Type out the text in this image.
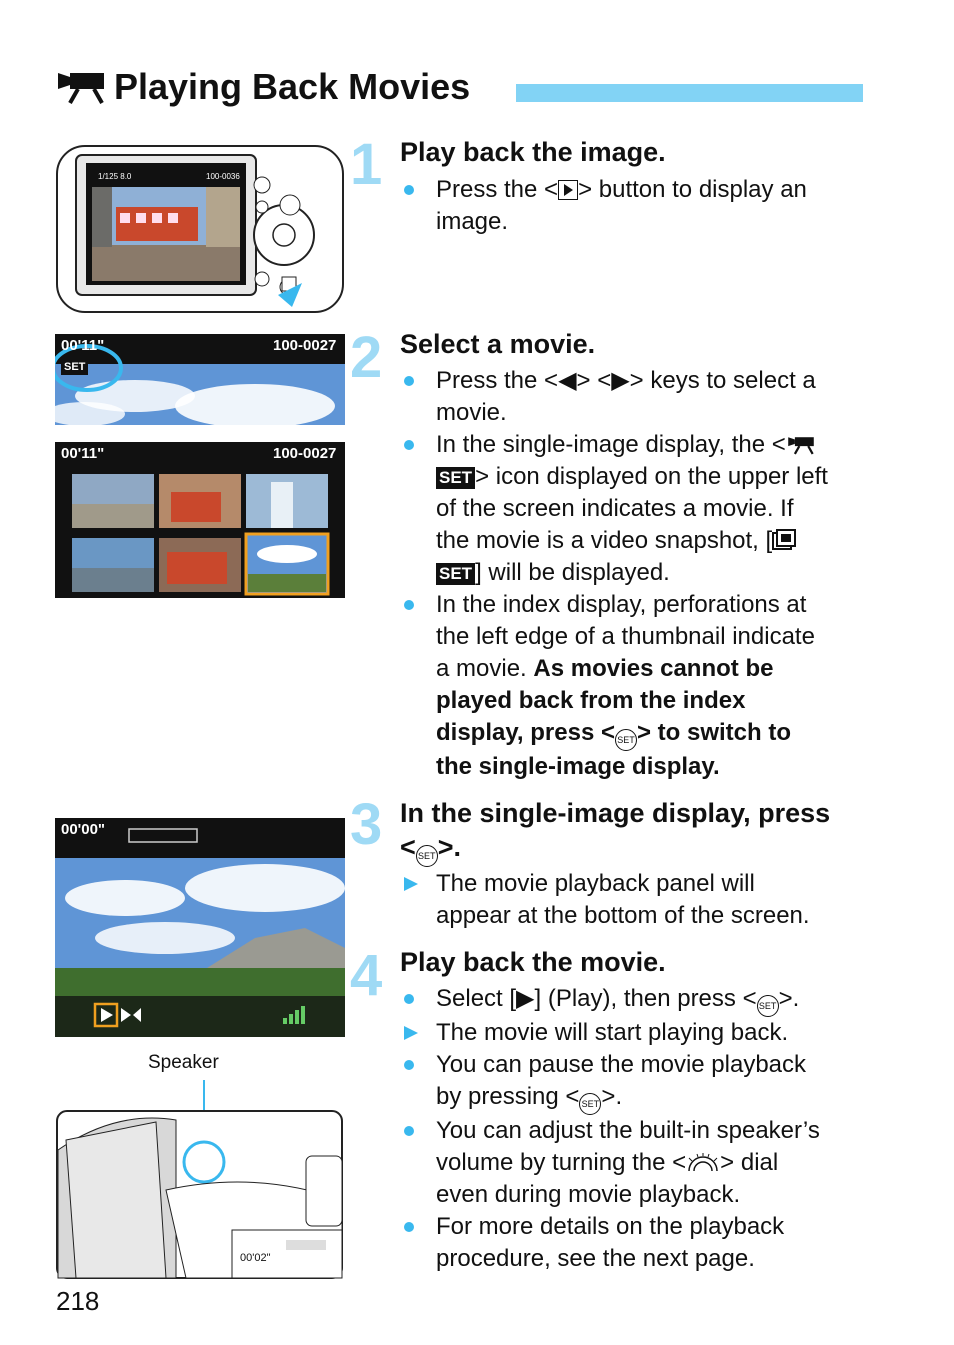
Playing Back Movies
1/125 8.0	100-0036
00'11"	100-0027
SET
00'11"	100-0027
00'00"
Speaker
00'02"
1
2
3
4
Play back the image.
Press the < > button to display an image.
Select a movie.
Press the <◀> <▶> keys to select a movie.
In the single-image display, the < SET > icon displayed on the upper left of the screen indicates a movie. If the movie is a video snapshot, [ SET ] will be displayed.
In the index display, perforations at the left edge of a thumbnail indicate a movie. As movies cannot be played back from the index display, press < SET> to switch to the single-image display.
In the single-image display, press
< SET>.
The movie playback panel will appear at the bottom of the screen.
Play back the movie.
Select [▶] (Play), then press < SET>.
The movie will start playing back.
You can pause the movie playback by pressing < SET>.
You can adjust the built-in speaker’s volume by turning the < > dial even during movie playback.
For more details on the playback procedure, see the next page.
218
